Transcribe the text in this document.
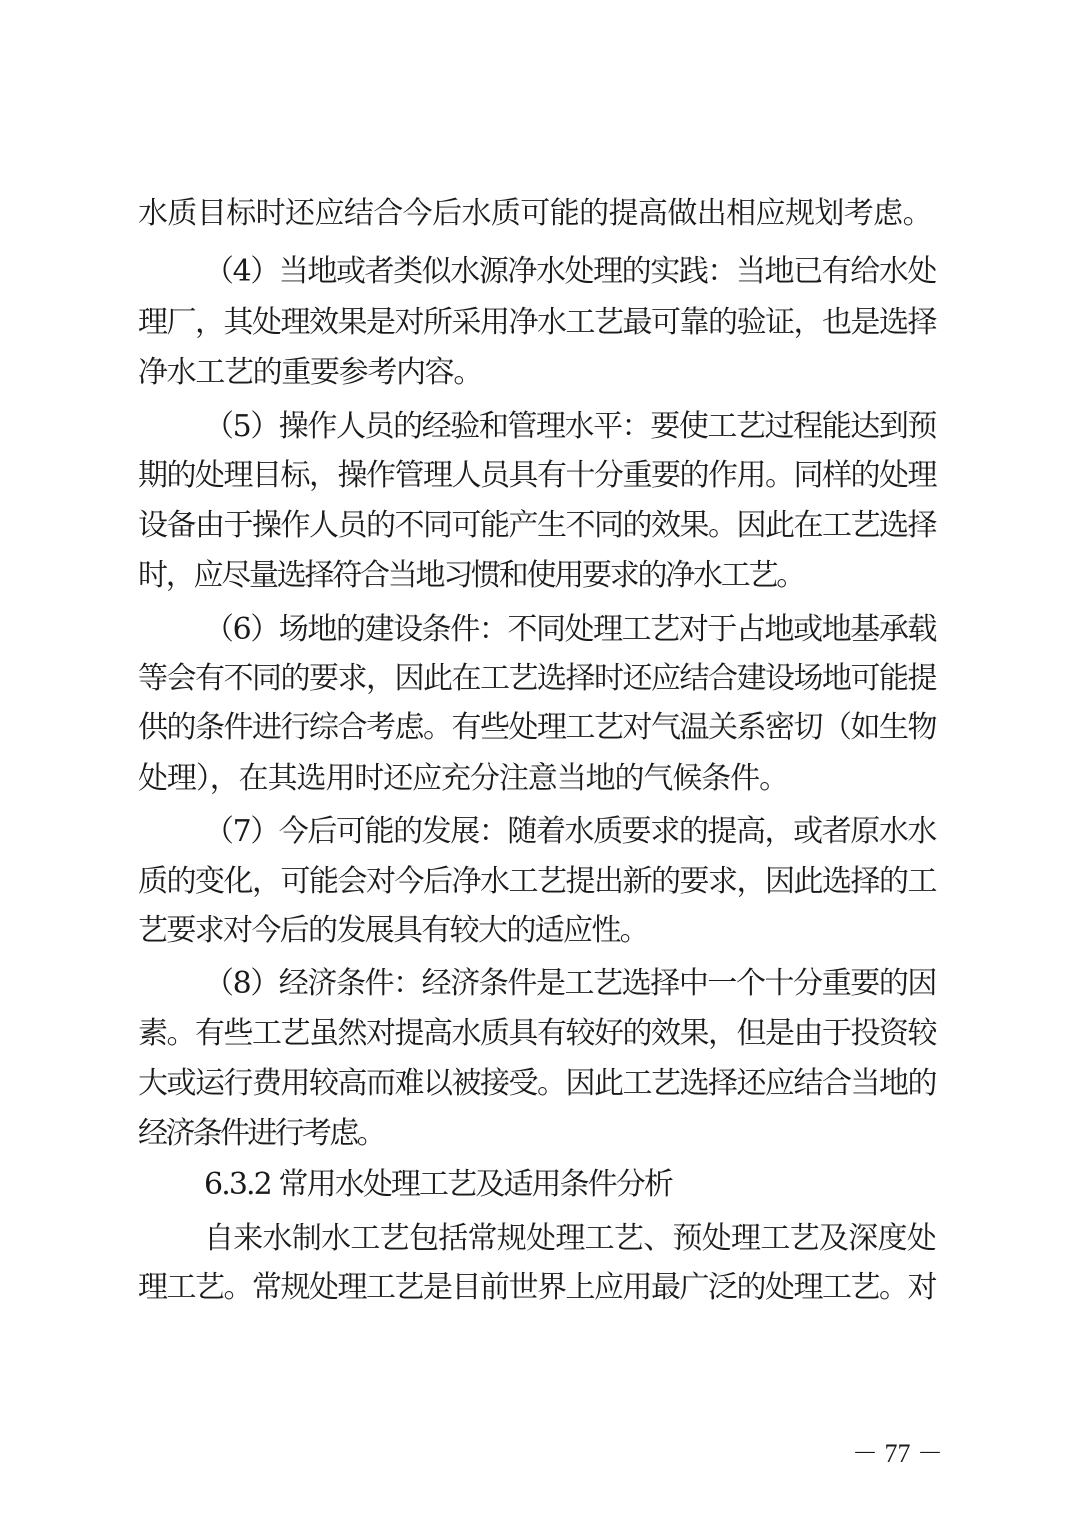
水质目标时还应结合今后水质可能的提高做出相应规划考虑。
（4）当地或者类似水源净水处理的实践：当地已有给水处
理厂，其处理效果是对所采用净水工艺最可靠的验证，也是选择
净水工艺的重要参考内容。
（5）操作人员的经验和管理水平：要使工艺过程能达到预
期的处理目标，操作管理人员具有十分重要的作用。同样的处理
设备由于操作人员的不同可能产生不同的效果。因此在工艺选择
时，应尽量选择符合当地习惯和使用要求的净水工艺。
（6）场地的建设条件：不同处理工艺对于占地或地基承载
等会有不同的要求，因此在工艺选择时还应结合建设场地可能提
供的条件进行综合考虑。有些处理工艺对气温关系密切（如生物
处理），在其选用时还应充分注意当地的气候条件。
（7）今后可能的发展：随着水质要求的提高，或者原水水
质的变化，可能会对今后净水工艺提出新的要求，因此选择的工
艺要求对今后的发展具有较大的适应性。
（8）经济条件：经济条件是工艺选择中一个十分重要的因
素。有些工艺虽然对提高水质具有较好的效果，但是由于投资较
大或运行费用较高而难以被接受。因此工艺选择还应结合当地的
经济条件进行考虑。
6.3.2 常用水处理工艺及适用条件分析
自来水制水工艺包括常规处理工艺、预处理工艺及深度处
理工艺。常规处理工艺是目前世界上应用最广泛的处理工艺。对
－ 77 －
